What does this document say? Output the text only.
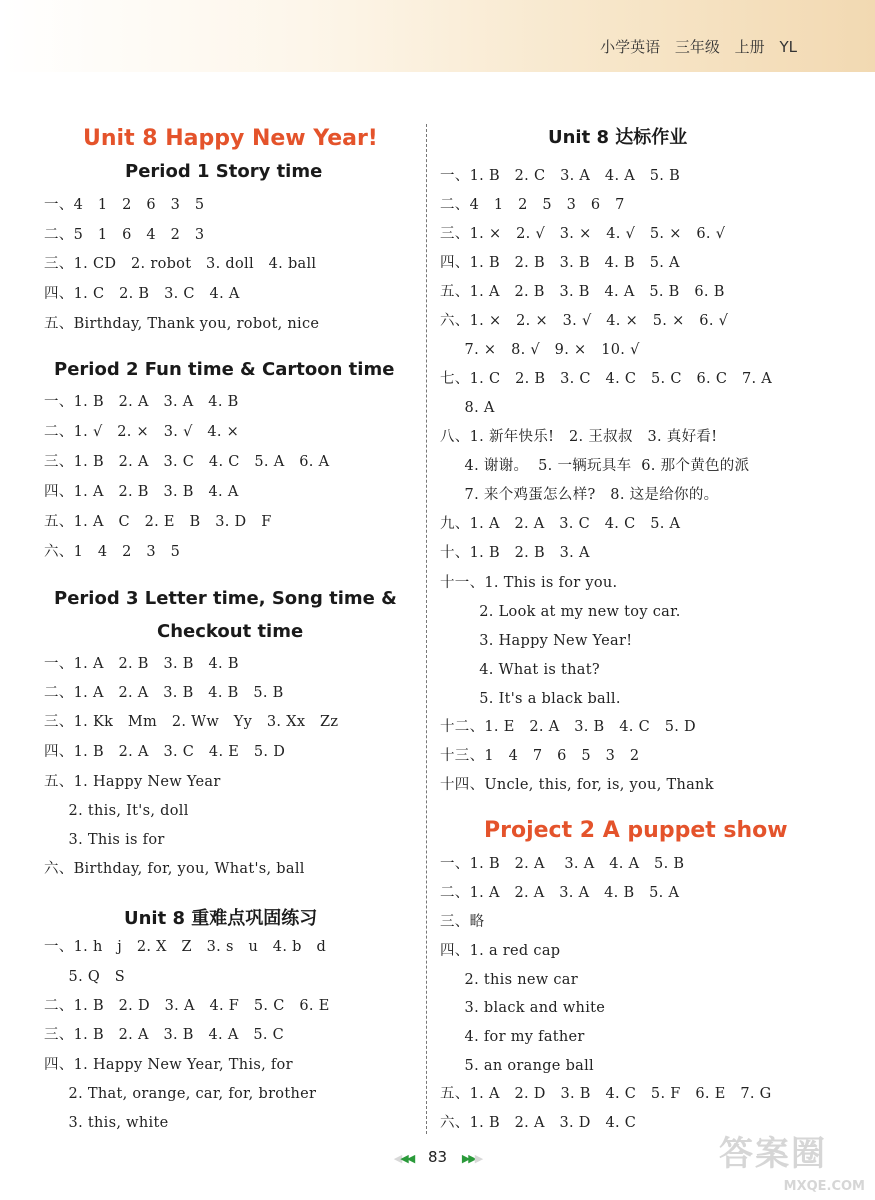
小学英语 三年级 上册 YL
Unit 8 Happy New Year!
Period 1 Story time
一、4   1   2   6   3   5
二、5   1   6   4   2   3
三、1. CD   2. robot   3. doll   4. ball
四、1. C   2. B   3. C   4. A
五、Birthday, Thank you, robot, nice
Period 2 Fun time & Cartoon time
一、1. B   2. A   3. A   4. B
二、1. √   2. ×   3. √   4. ×
三、1. B   2. A   3. C   4. C   5. A   6. A
四、1. A   2. B   3. B   4. A
五、1. A   C   2. E   B   3. D   F
六、1   4   2   3   5
Period 3 Letter time, Song time &
Checkout time
一、1. A   2. B   3. B   4. B
二、1. A   2. A   3. B   4. B   5. B
三、1. Kk   Mm   2. Ww   Yy   3. Xx   Zz
四、1. B   2. A   3. C   4. E   5. D
五、1. Happy New Year
2. this, It's, doll
3. This is for
六、Birthday, for, you, What's, ball
Unit 8 重难点巩固练习
一、1. h   j   2. X   Z   3. s   u   4. b   d
5. Q   S
二、1. B   2. D   3. A   4. F   5. C   6. E
三、1. B   2. A   3. B   4. A   5. C
四、1. Happy New Year, This, for
2. That, orange, car, for, brother
3. this, white
Unit 8 达标作业
一、1. B   2. C   3. A   4. A   5. B
二、4   1   2   5   3   6   7
三、1. ×   2. √   3. ×   4. √   5. ×   6. √
四、1. B   2. B   3. B   4. B   5. A
五、1. A   2. B   3. B   4. A   5. B   6. B
六、1. ×   2. ×   3. √   4. ×   5. ×   6. √
7. ×   8. √   9. ×   10. √
七、1. C   2. B   3. C   4. C   5. C   6. C   7. A
8. A
八、1. 新年快乐!   2. 王叔叔   3. 真好看!
4. 谢谢。  5. 一辆玩具车  6. 那个黄色的派
7. 来个鸡蛋怎么样?   8. 这是给你的。
九、1. A   2. A   3. C   4. C   5. A
十、1. B   2. B   3. A
十一、1. This is for you.
2. Look at my new toy car.
3. Happy New Year!
4. What is that?
5. It's a black ball.
十二、1. E   2. A   3. B   4. C   5. D
十三、1   4   7   6   5   3   2
十四、Uncle, this, for, is, you, Thank
Project 2 A puppet show
一、1. B   2. A    3. A   4. A   5. B
二、1. A   2. A   3. A   4. B   5. A
三、略
四、1. a red cap
2. this new car
3. black and white
4. for my father
5. an orange ball
五、1. A   2. D   3. B   4. C   5. F   6. E   7. G
六、1. B   2. A   3. D   4. C
◀◀◀ 83 ▶▶▶	答案圈
MXQE.COM
